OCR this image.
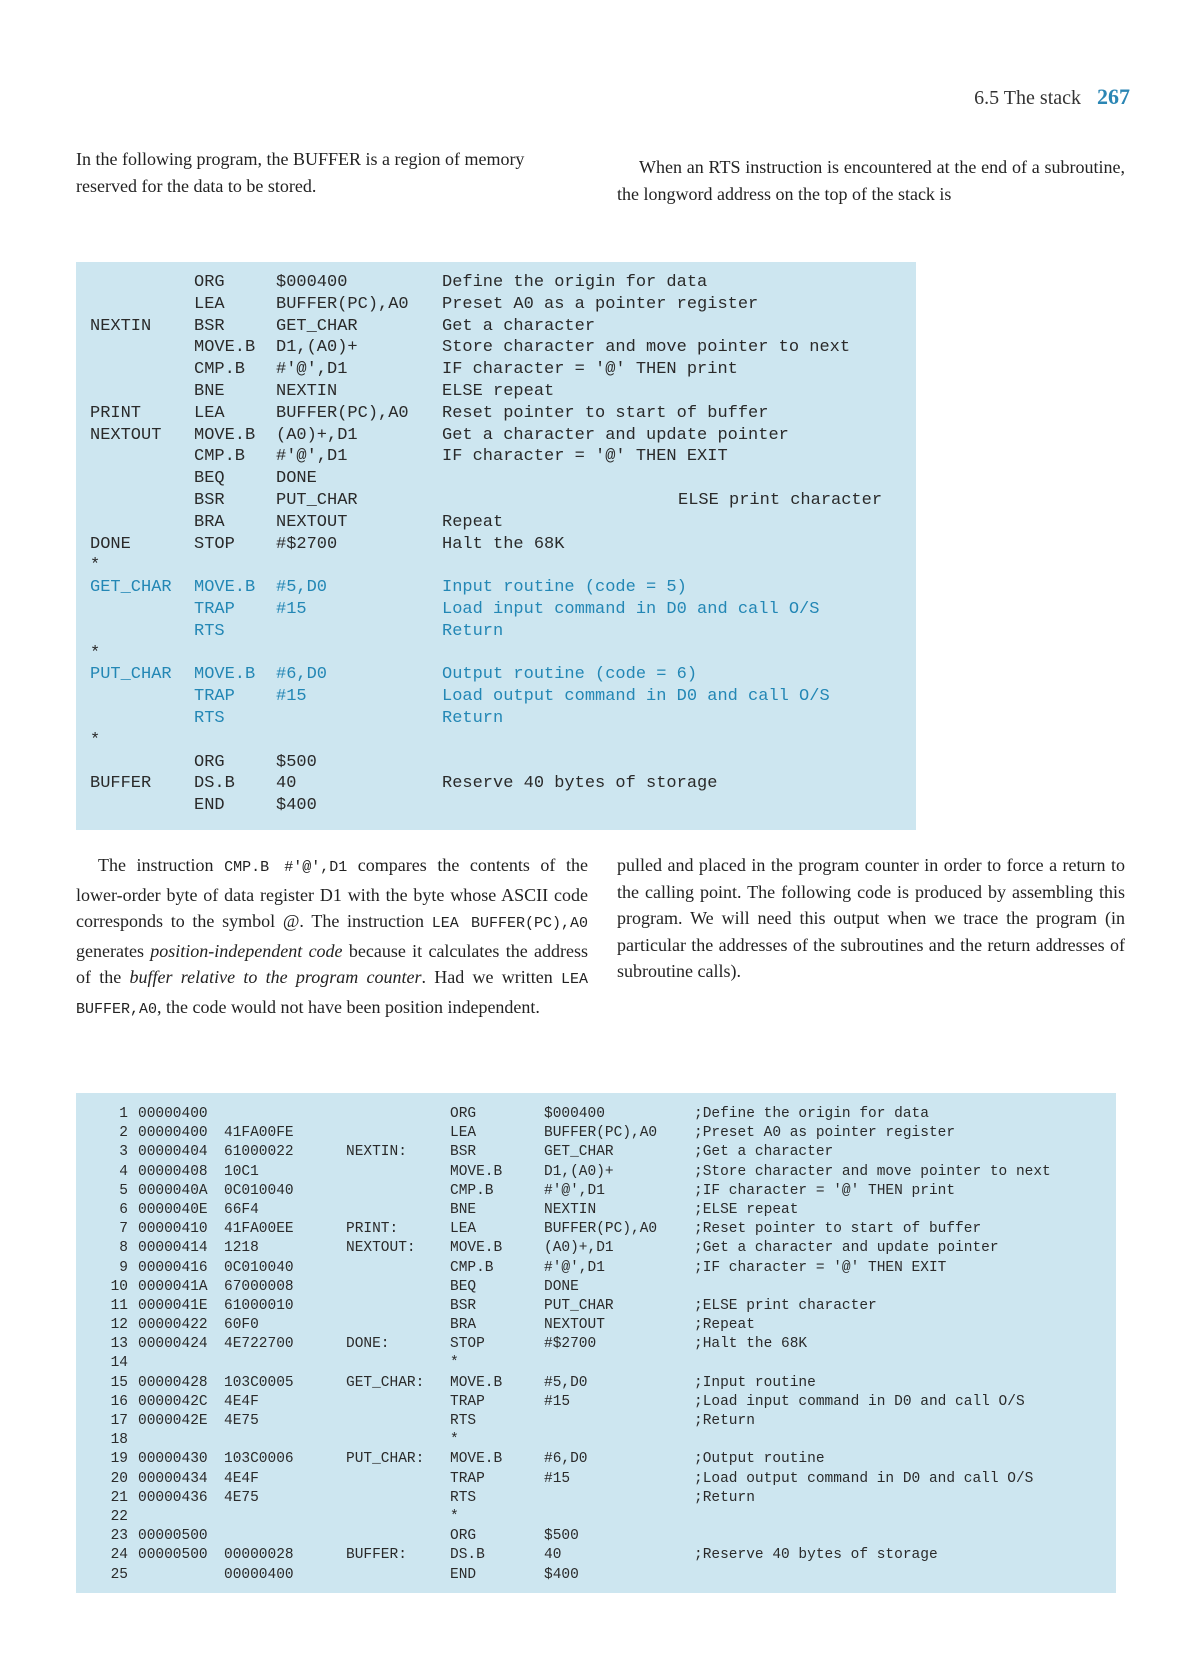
6.5 The stack 267

In the following program, the BUFFER is a region of memory reserved for the data to be stored.

When an RTS instruction is encountered at the end of a subroutine, the longword address on the top of the stack is

ORG	$000400	Define the origin for data
LEA	BUFFER(PC),A0 Preset A0 as a pointer register
NEXTIN	BSR	GET_CHAR	Get a character
MOVE.B D1,(A0)+	Store character and move pointer to next
CMP.B #'@',D1	IF character = '@' THEN print
BNE	NEXTIN	ELSE repeat
PRINT	LEA	BUFFER(PC),A0 Reset pointer to start of buffer
NEXTOUT MOVE.B (A0)+,D1	Get a character and update pointer
CMP.B #'@',D1	IF character = '@' THEN EXIT
BEQ	DONE
BSR	PUT_CHAR	ELSE print character
BRA	NEXTOUT	Repeat
DONE	STOP #$2700	Halt the 68K
*
GET_CHAR MOVE.B #5,D0	Input routine (code = 5)
TRAP #15	Load input command in D0 and call O/S
RTS	Return
*
PUT_CHAR MOVE.B #6,D0	Output routine (code = 6)
TRAP #15	Load output command in D0 and call O/S
RTS	Return
*
ORG	$500
BUFFER	DS.B 40	Reserve 40 bytes of storage
END	$400

The instruction CMP.B #'@',D1 compares the contents of the lower-order byte of data register D1 with the byte whose ASCII code corresponds to the symbol @. The instruction LEA BUFFER(PC),A0 generates position-independent code because it calculates the address of the buffer relative to the program counter. Had we written LEA BUFFER,A0, the code would not have been position independent.

pulled and placed in the program counter in order to force a return to the calling point. The following code is produced by assembling this program. We will need this output when we trace the program (in particular the addresses of the subroutines and the return addresses of subroutine calls).

1 00000400	ORG	$000400	;Define the origin for data
2 00000400 41FA00FE	LEA	BUFFER(PC),A0	;Preset A0 as pointer register
3 00000404 61000022	NEXTIN:	BSR	GET_CHAR	;Get a character
4 00000408 10C1	MOVE.B	D1,(A0)+	;Store character and move pointer to next
5 0000040A 0C010040	CMP.B	#'@',D1	;IF character = '@' THEN print
6 0000040E 66F4	BNE	NEXTIN	;ELSE repeat
7 00000410 41FA00EE	PRINT:	LEA	BUFFER(PC),A0	;Reset pointer to start of buffer
8 00000414 1218	NEXTOUT: MOVE.B	(A0)+,D1	;Get a character and update pointer
9 00000416 0C010040	CMP.B	#'@',D1	;IF character = '@' THEN EXIT
10 0000041A 67000008	BEQ	DONE
11 0000041E 61000010	BSR	PUT_CHAR	;ELSE print character
12 00000422 60F0	BRA	NEXTOUT	;Repeat
13 00000424 4E722700	DONE:	STOP	#$2700	;Halt the 68K
14	*
15 00000428 103C0005	GET_CHAR: MOVE.B	#5,D0	;Input routine
16 0000042C 4E4F	TRAP	#15	;Load input command in D0 and call O/S
17 0000042E 4E75	RTS	;Return
18	*
19 00000430 103C0006	PUT_CHAR: MOVE.B	#6,D0	;Output routine
20 00000434 4E4F	TRAP	#15	;Load output command in D0 and call O/S
21 00000436 4E75	RTS	;Return
22	*
23 00000500	ORG	$500
24 00000500 00000028	BUFFER:	DS.B	40	;Reserve 40 bytes of storage
25	00000400	END	$400
